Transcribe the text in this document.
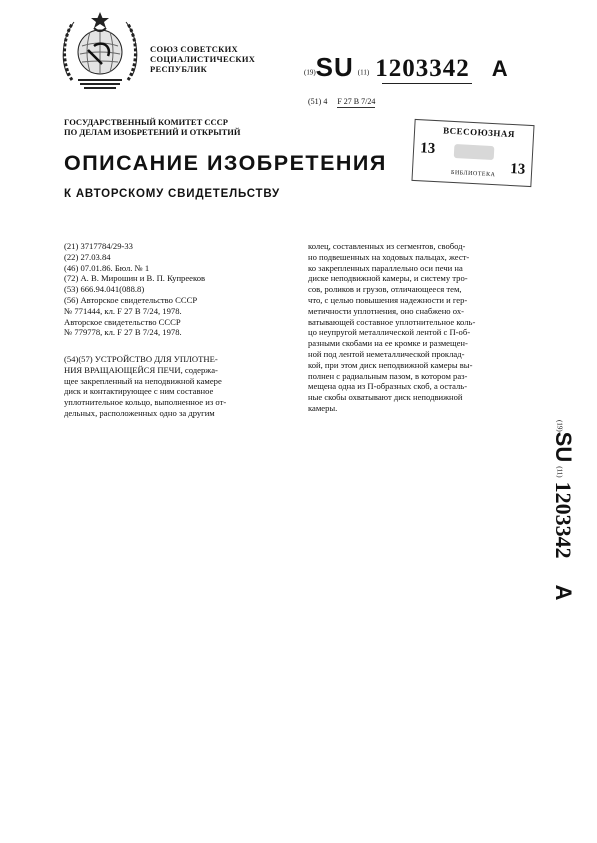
СОЮЗ СОВЕТСКИХ
СОЦИАЛИСТИЧЕСКИХ
РЕСПУБЛИК	(19)SU (11) 1203342 A
(51) 4 F 27 B 7/24
ГОСУДАРСТВЕННЫЙ КОМИТЕТ СССР
ПО ДЕЛАМ ИЗОБРЕТЕНИЙ И ОТКРЫТИЙ
ОПИСАНИЕ ИЗОБРЕТЕНИЯ
К АВТОРСКОМУ СВИДЕТЕЛЬСТВУ
ВСЕСОЮЗНАЯ
13
13
БИБЛИОТЕКА
(21) 3717784/29-33
(22) 27.03.84
(46) 07.01.86. Бюл. № 1
(72) А. В. Мирошин и В. П. Купрееков
(53) 666.94.041(088.8)
(56) Авторское свидетельство СССР
№ 771444, кл. F 27 B 7/24, 1978.
Авторское свидетельство СССР
№ 779778, кл. F 27 B 7/24, 1978.
(54)(57) УСТРОЙСТВО ДЛЯ УПЛОТНЕ-
НИЯ ВРАЩАЮЩЕЙСЯ ПЕЧИ, содержа-
щее закрепленный на неподвижной камере
диск и контактирующее с ним составное
уплотнительное кольцо, выполненное из от-
дельных, расположенных одно за другим
колец, составленных из сегментов, свобод-
но подвешенных на ходовых пальцах, жест-
ко закрепленных параллельно оси печи на
диске неподвижной камеры, и систему тро-
сов, роликов и грузов, отличающееся тем,
что, с целью повышения надежности и гер-
метичности уплотнения, оно снабжено ох-
ватывающей составное уплотнительное коль-
цо неупругой металлической лентой с П-об-
разными скобами на ее кромке и размещен-
ной под лентой неметаллической проклад-
кой, при этом диск неподвижной камеры вы-
полнен с радиальным пазом, в котором раз-
мещена одна из П-образных скоб, а осталь-
ные скобы охватывают диск неподвижной
камеры.
(19)SU (11)1203342A
